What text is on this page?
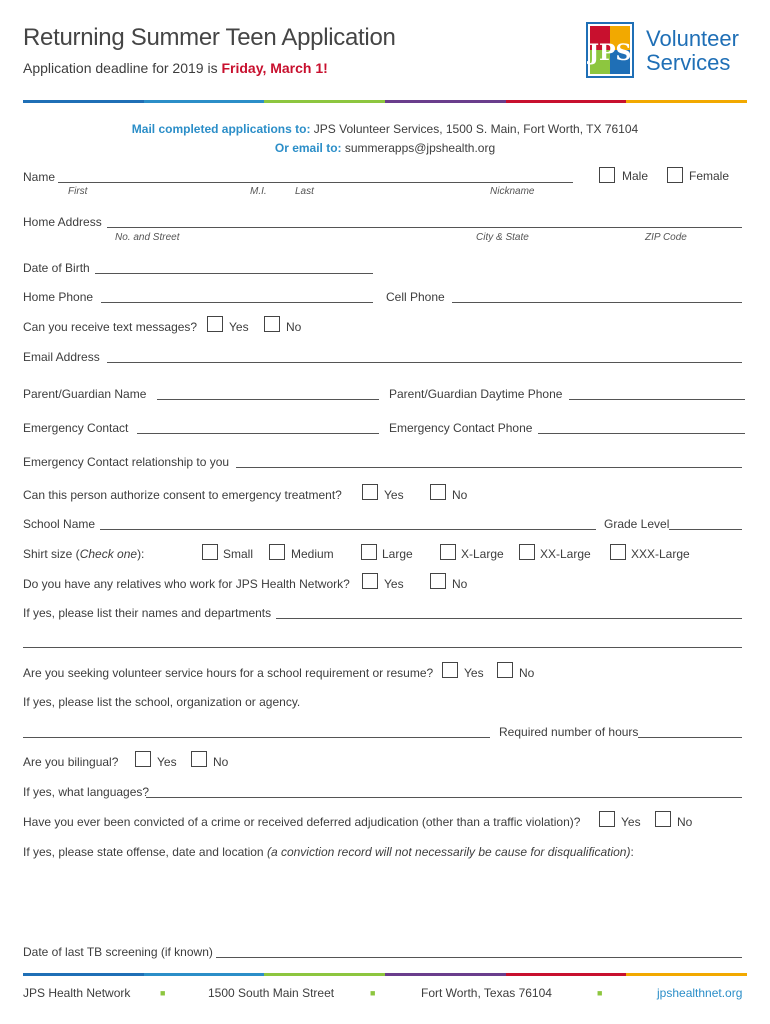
Returning Summer Teen Application
Application deadline for 2019 is Friday, March 1!
JPS
Volunteer
Services
Mail completed applications to: JPS Volunteer Services, 1500 S. Main, Fort Worth, TX 76104
Or email to: summerapps@jpshealth.org
Name
First	M.I.	Last	Nickname
Male	Female
Home Address
No. and Street	City & State	ZIP Code
Date of Birth
Home Phone	Cell Phone
Can you receive text messages?	Yes	No
Email Address
Parent/Guardian Name	Parent/Guardian Daytime Phone
Emergency Contact	Emergency Contact Phone
Emergency Contact relationship to you
Can this person authorize consent to emergency treatment?	Yes	No
School Name	Grade Level
Shirt size (Check one):	Small	Medium	Large	X-Large	XX-Large	XXX-Large
Do you have any relatives who work for JPS Health Network?	Yes	No
If yes, please list their names and departments
Are you seeking volunteer service hours for a school requirement or resume?	Yes	No
If yes, please list the school, organization or agency.
Required number of hours
Are you bilingual?	Yes	No
If yes, what languages?
Have you ever been convicted of a crime or received deferred adjudication (other than a traffic violation)?	Yes	No
If yes, please state offense, date and location (a conviction record will not necessarily be cause for disqualification):
Date of last TB screening (if known)
JPS Health Network	■	1500 South Main Street	■	Fort Worth, Texas 76104	■	jpshealthnet.org
